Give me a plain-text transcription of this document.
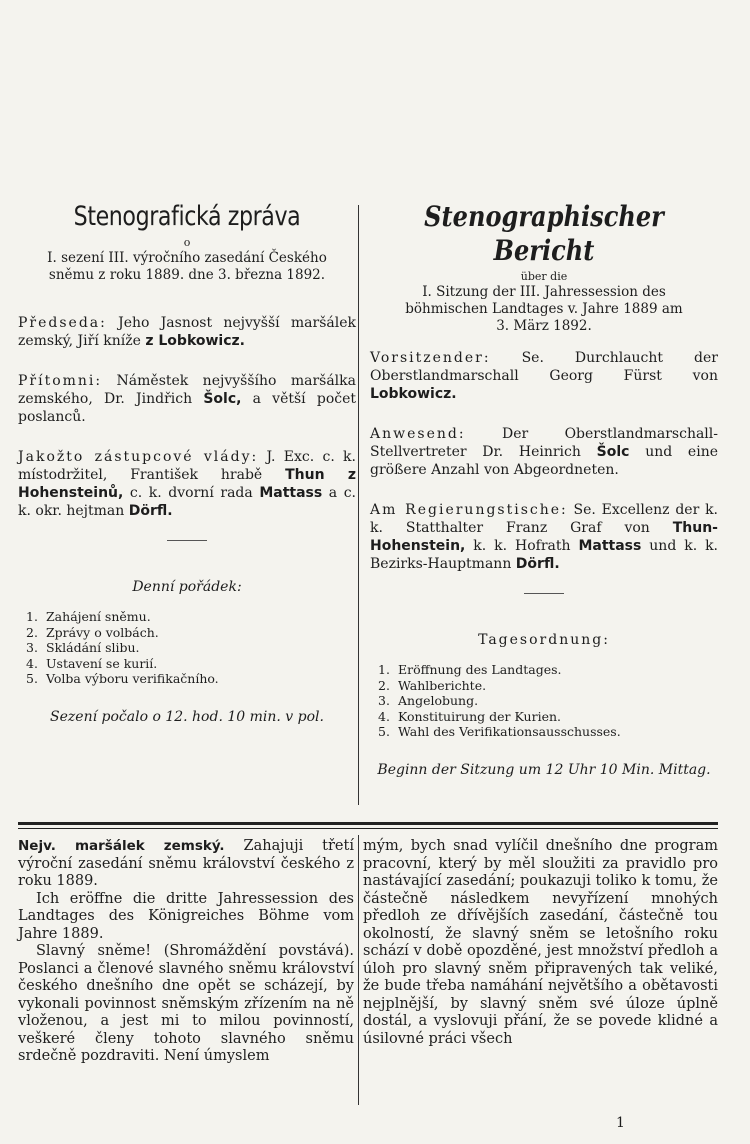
Stenografická zpráva

o

I. sezení III. výročního zasedání Českého

sněmu z roku 1889. dne 3. března 1892.

Předseda: Jeho Jasnost nejvyšší maršálek zemský, Jiří kníže z Lobkowicz.

Přítomni: Náměstek nejvyššího maršálka zemského, Dr. Jindřich Šolc, a větší počet poslanců.

Jakožto zástupcové vlády: J. Exc. c. k. místodržitel, František hrabě Thun z Hohensteinů, c. k. dvorní rada Mattass a c. k. okr. hejtman Dörfl.

Denní pořádek:

1. Zahájení sněmu.
2. Zprávy o volbách.
3. Skládání slibu.
4. Ustavení se kurií.
5. Volba výboru verifikačního.

Sezení počalo o 12. hod. 10 min. v pol.

Stenographischer Bericht

über die

I. Sitzung der III. Jahressession des

böhmischen Landtages v. Jahre 1889 am

3. März 1892.

Vorsitzender: Se. Durchlaucht der Oberstlandmarschall Georg Fürst von Lobkowicz.

Anwesend: Der Oberstlandmarschall-Stellvertreter Dr. Heinrich Šolc und eine größere Anzahl von Abgeordneten.

Am Regierungstische: Se. Excellenz der k. k. Statthalter Franz Graf von Thun-Hohenstein, k. k. Hofrath Mattass und k. k. Bezirks-Hauptmann Dörfl.

Tagesordnung:

1. Eröffnung des Landtages.
2. Wahlberichte.
3. Angelobung.
4. Konstituirung der Kurien.
5. Wahl des Verifikationsausschusses.

Beginn der Sitzung um 12 Uhr 10 Min. Mittag.

Nejv. maršálek zemský. Zahajuji třetí výroční zasedání sněmu království českého z roku 1889.

Ich eröffne die dritte Jahressession des Landtages des Königreiches Böhme vom Jahre 1889.

Slavný sněme! (Shromáždění povstává). Poslanci a členové slavného sněmu království českého dnešního dne opět se scházejí, by vykonali povinnost sněmským zřízením na ně vloženou, a jest mi to milou povinností, veškeré členy tohoto slavného sněmu srdečně pozdraviti. Není úmyslem

mým, bych snad vylíčil dnešního dne program pracovní, který by měl sloužiti za pravidlo pro nastávající zasedání; poukazuji toliko k tomu, že částečně následkem nevyřízení mnohých předloh ze dřívějších zasedání, částečně tou okolností, že slavný sněm se letošního roku schází v době opozděné, jest množství předloh a úloh pro slavný sněm připravených tak veliké, že bude třeba namáhání největšího a obětavosti nejplnější, by slavný sněm své úloze úplně dostál, a vyslovuji přání, že se povede klidné a úsilovné práci všech

1
